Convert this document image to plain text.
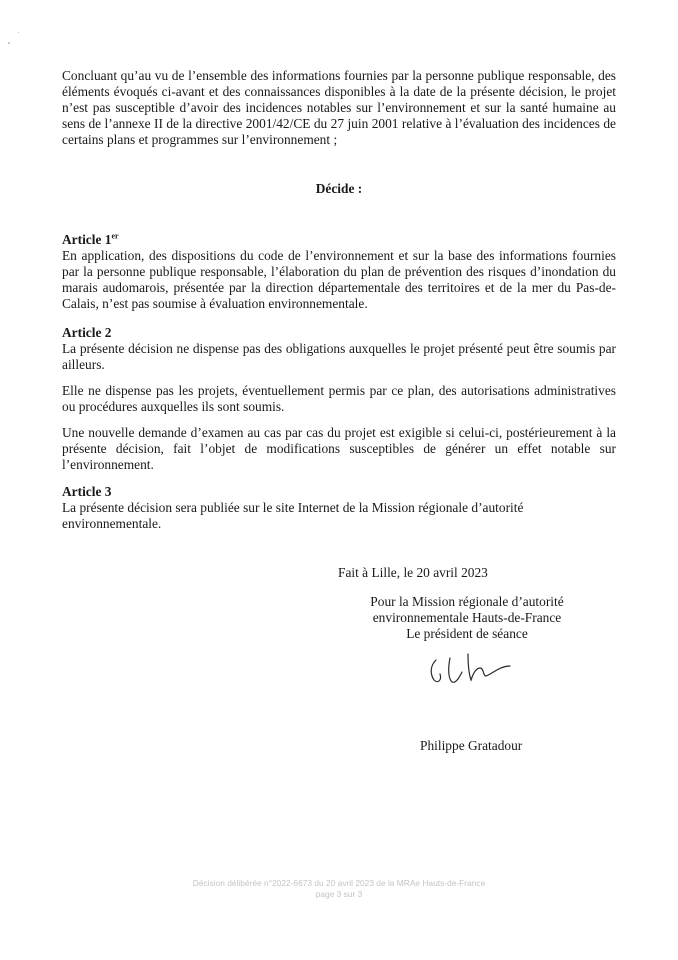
Concluant qu’au vu de l’ensemble des informations fournies par la personne publique responsable, des éléments évoqués ci-avant et des connaissances disponibles à la date de la présente décision, le projet n’est pas susceptible d’avoir des incidences notables sur l’environnement et sur la santé humaine au sens de l’annexe II de la directive 2001/42/CE du 27 juin 2001 relative à l’évaluation des incidences de certains plans et programmes sur l’environnement ;

Décide :
Article 1er

En application, des dispositions du code de l’environnement et sur la base des informations fournies par la personne publique responsable, l’élaboration du plan de prévention des risques d’inondation du marais audomarois, présentée par la direction départementale des territoires et de la mer du Pas-de-Calais, n’est pas soumise à évaluation environnementale.

Article 2

La présente décision ne dispense pas des obligations auxquelles le projet présenté peut être soumis par ailleurs.

Elle ne dispense pas les projets, éventuellement permis par ce plan, des autorisations administratives ou procédures auxquelles ils sont soumis.

Une nouvelle demande d’examen au cas par cas du projet est exigible si celui-ci, postérieurement à la présente décision, fait l’objet de modifications susceptibles de générer un effet notable sur l’environnement.

Article 3

La présente décision sera publiée sur le site Internet de la Mission régionale d’autorité environnementale.

Fait à Lille, le 20 avril 2023
Pour la Mission régionale d’autorité
environnementale Hauts-de-France
Le président de séance
Philippe Gratadour
Décision délibérée n°2022-6673 du 20 avril 2023 de la MRAe Hauts-de-France
page 3 sur 3
